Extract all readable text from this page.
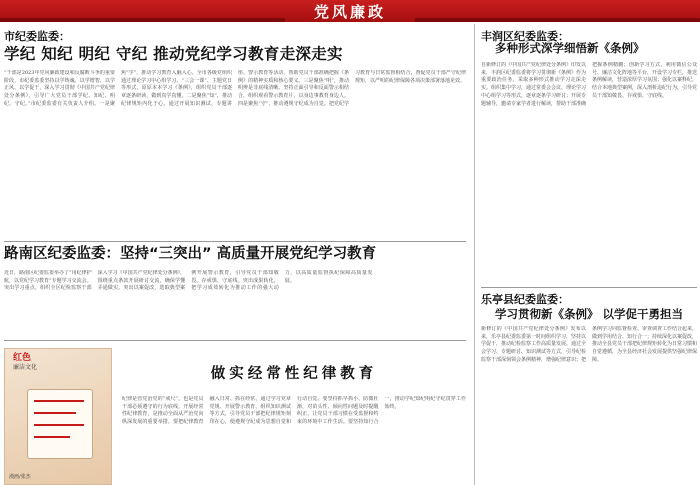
党风廉政
市纪委监委：
学纪 知纪 明纪 守纪 推动党纪学习教育走深走实
“干部是2023年党风廉政建设和反腐败斗争的重要阶段，市纪委监委坚持以学铸魂、以学增智、以学正风、以学促干，深入学习贯彻《中国共产党纪律处分条例》，引导广大党员干部学纪、知纪、明纪、守纪。”市纪委监委有关负责人介绍。一是聚焦“学”，推动学习教育入脑入心。全市各级党组织通过理论学习中心组学习、“三会一课”、主题党日等形式，原原本本学习《条例》，组织党员干部逐章逐条研读，做到真学真懂。二是聚焦“知”，推动纪律规矩内化于心。通过开展知识测试、专题讲座、警示教育等活动，帮助党员干部准确把握《条例》的精神实质和核心要义。三是聚焦“明”，推动明辨是非底线清晰。坚持正面引导和反面警示相结合，组织观看警示教育片，以身边事教育身边人。四是聚焦“守”，推动遵规守纪成为自觉。把党纪学习教育与日常监督相结合，督促党员干部严守纪律规矩，以严明的纪律保障各项决策部署落地见效。
路南区纪委监委：坚持“三突出” 高质量开展党纪学习教育
近日，路南区纪委监委举办了“用纪律护航，以党纪学习教育”专题学习交流会。突出学习重点，组织全区纪检监察干部深入学习《中国共产党纪律处分条例》，围绕重点条款开展研讨交流，确保学懂弄通做实。突出以案促改，选取典型案例开展警示教育，引导党员干部知敬畏、存戒惧、守底线。突出成果转化，把学习成效转化为推动工作的强大动力，以高质量监督执纪保障高质量发展。
红色
廉洁文化
漫画/张杰
做实经常性纪律教育
纪律是管党治党的“戒尺”，也是党员干部必须遵守的行为底线。开展经常性纪律教育，是推动全面从严治党向纵深发展的重要举措。要把纪律教育融入日常、抓在经常，通过学习党章党规、开展警示教育、组织知识测试等方式，引导党员干部把纪律规矩刻印在心，使遵规守纪成为思想自觉和行动自觉。要坚持抓早抓小、防微杜渐，对苗头性、倾向性问题及时提醒纠正，让党员干部习惯在受监督和约束的环境中工作生活。要坚持知行合一，推动学纪知纪明纪守纪贯穿工作始终。
丰润区纪委监委：
多种形式深学细悟新《条例》
自新修订的《中国共产党纪律处分条例》印发以来，丰润区纪委监委将学习贯彻新《条例》作为重要政治任务，采取多种形式推动学习走深走实。组织集中学习，通过常委会会议、理论学习中心组学习等形式，逐章逐条学习研讨；开展专题辅导，邀请专家学者进行解读，帮助干部准确把握条例精髓；创新学习方式，利用微信公众号、廉洁文化阵地等平台，开设学习专栏，推送条例解读，营造浓厚学习氛围；强化以案释纪，结合本地典型案例，深入剖析违纪行为，引导党员干部知敬畏、存戒惧、守底线。
乐亭县纪委监委：
学习贯彻新《条例》 以学促干勇担当
新修订的《中国共产党纪律处分条例》发布以来，乐亭县纪委监委第一时间组织学习，坚持以学促干，推动纪检监察工作高质量发展。通过全会学习、专题研讨、知识测试等方式，引导纪检监察干部深刻领会条例精神，增强纪律意识；把条例学习同监督检查、审查调查工作结合起来，做到学用结合、知行合一；持续深化以案促改，推动全县党员干部把纪律规矩转化为日常习惯和自觉遵循，为全县经济社会发展提供坚强纪律保障。
